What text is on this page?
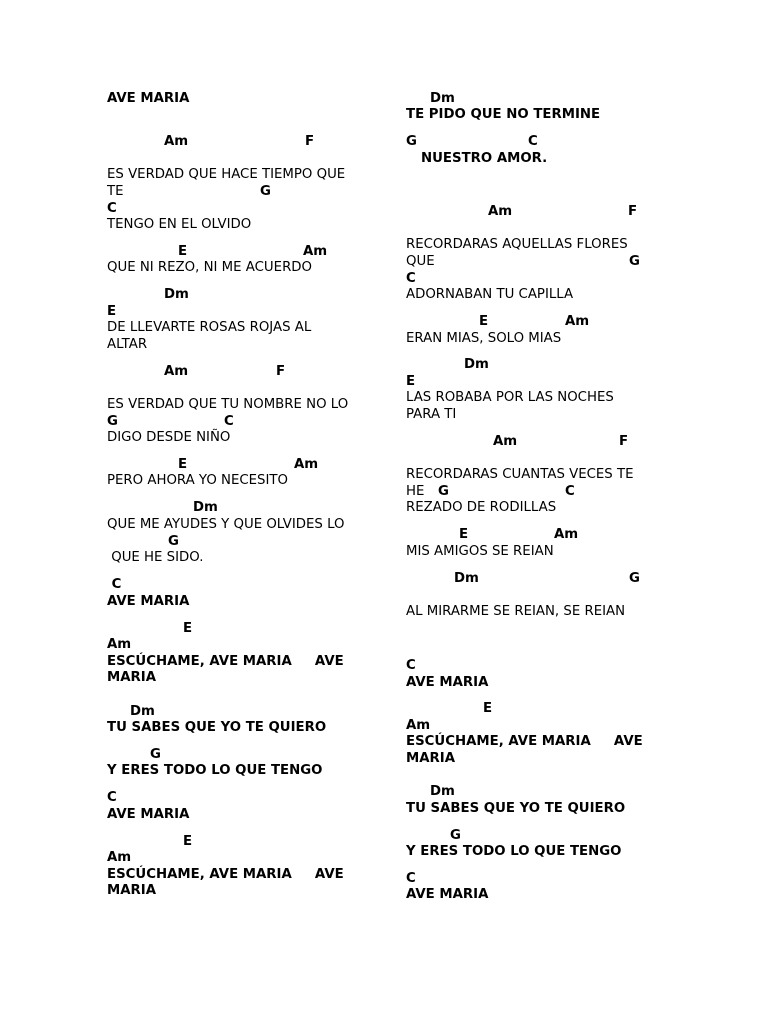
AVE MARIA
Am	F
ES VERDAD QUE HACE TIEMPO QUE
TE	G
C
TENGO EN EL OLVIDO
E	Am
QUE NI REZO, NI ME ACUERDO
Dm
E
DE LLEVARTE ROSAS ROJAS AL
ALTAR
Am	F
ES VERDAD QUE TU NOMBRE NO LO
G	C
DIGO DESDE NIÑO
E	Am
PERO AHORA YO NECESITO
Dm
QUE ME AYUDES Y QUE OLVIDES LO
G
QUE HE SIDO.
C
AVE MARIA
E
Am
ESCÚCHAME, AVE MARIA     AVE
MARIA
Dm
TU SABES QUE YO TE QUIERO
G
Y ERES TODO LO QUE TENGO
C
AVE MARIA
E
Am
ESCÚCHAME, AVE MARIA     AVE
MARIA
Dm
TE PIDO QUE NO TERMINE
G	C
NUESTRO AMOR.
Am	F
RECORDARAS AQUELLAS FLORES
QUE	G
C
ADORNABAN TU CAPILLA
E	Am
ERAN MIAS, SOLO MIAS
Dm
E
LAS ROBABA POR LAS NOCHES
PARA TI
Am	F
RECORDARAS CUANTAS VECES TE
HE G	C
REZADO DE RODILLAS
E	Am
MIS AMIGOS SE REIAN
Dm	G
AL MIRARME SE REIAN, SE REIAN
C
AVE MARIA
E
Am
ESCÚCHAME, AVE MARIA     AVE
MARIA
Dm
TU SABES QUE YO TE QUIERO
G
Y ERES TODO LO QUE TENGO
C
AVE MARIA
